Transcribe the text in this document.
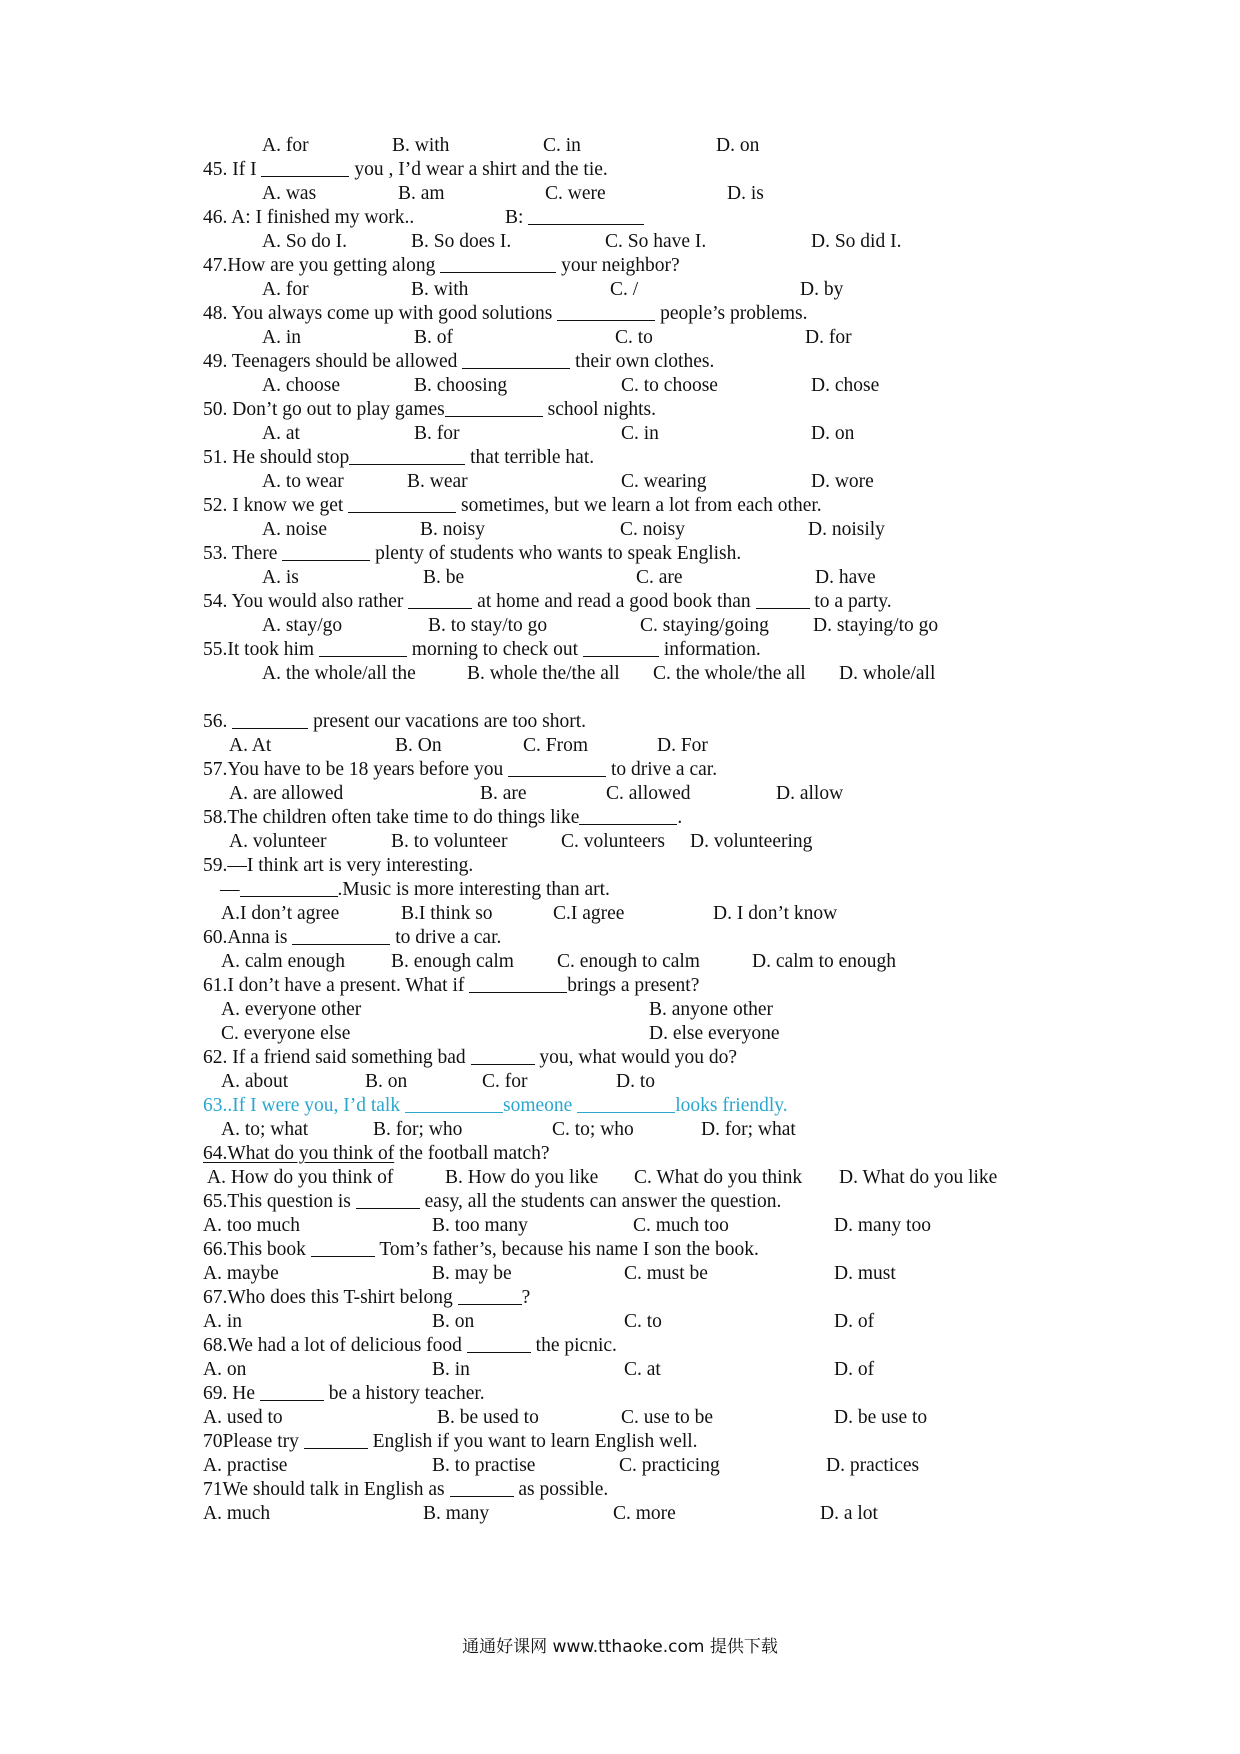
A. for	B. with	C. in	D. on
45. If I	you , I’d wear a shirt and the tie.
A. was	B. am	C. were	D. is
46. A: I finished my work..	B:
A. So do I.	B. So does I.	C. So have I.	D. So did I.
47.How are you getting along	your neighbor?
A. for	B. with	C. /	D. by
48. You always come up with good solutions	people’s problems.
A. in	B. of	C. to	D. for
49. Teenagers should be allowed	their own clothes.
A. choose	B. choosing	C. to choose	D. chose
50. Don’t go out to play games	school nights.
A. at	B. for	C. in	D. on
51. He should stop	that terrible hat.
A. to wear	B. wear	C. wearing	D. wore
52. I know we get	sometimes, but we learn a lot from each other.
A. noise	B. noisy	C. noisy	D. noisily
53. There	plenty of students who wants to speak English.
A. is	B. be	C. are	D. have
54. You would also rather	at home and read a good book than	to a party.
A. stay/go	B. to stay/to go	C. staying/going D. staying/to go
55.It took him	morning to check out	information.
A. the whole/all the	B. whole the/the all C. the whole/the all D. whole/all
56.	present our vacations are too short.
A. At	B. On	C. From	D. For
57.You have to be 18 years before you	to drive a car.
A. are allowed	B. are	C. allowed	D. allow
58.The children often take time to do things like	.
A. volunteer	B. to volunteer	C. volunteers D. volunteering
59.—I think art is very interesting.
—	.Music is more interesting than art.
A.I don’t agree	B.I think so	C.I agree	D. I don’t know
60.Anna is	to drive a car.
A. calm enough B. enough calm C. enough to calm	D. calm to enough
61.I don’t have a present. What if	brings a present?
A. everyone other	B. anyone other
C. everyone else	D. else everyone
62. If a friend said something bad	you, what would you do?
A. about	B. on	C. for	D. to
63..If I were you, I’d talk	someone	looks friendly.
A. to; what	B. for; who	C. to; who	D. for; what
64.What do you think of the football match?
A. How do you think of	B. How do you like C. What do you think D. What do you like
65.This question is	easy, all the students can answer the question.
A. too much	B. too many	C. much too	D. many too
66.This book	Tom’s father’s, because his name I son the book.
A. maybe	B. may be	C. must be	D. must
67.Who does this T-shirt belong	?
A. in	B. on	C. to	D. of
68.We had a lot of delicious food	the picnic.
A. on	B. in	C. at	D. of
69. He	be a history teacher.
A. used to	B. be used to	C. use to be	D. be use to
70Please try	English if you want to learn English well.
A. practise	B. to practise	C. practicing	D. practices
71We should talk in English as	as possible.
A. much	B. many	C. more	D. a lot
通通好课网 www.tthaoke.com 提供下载
